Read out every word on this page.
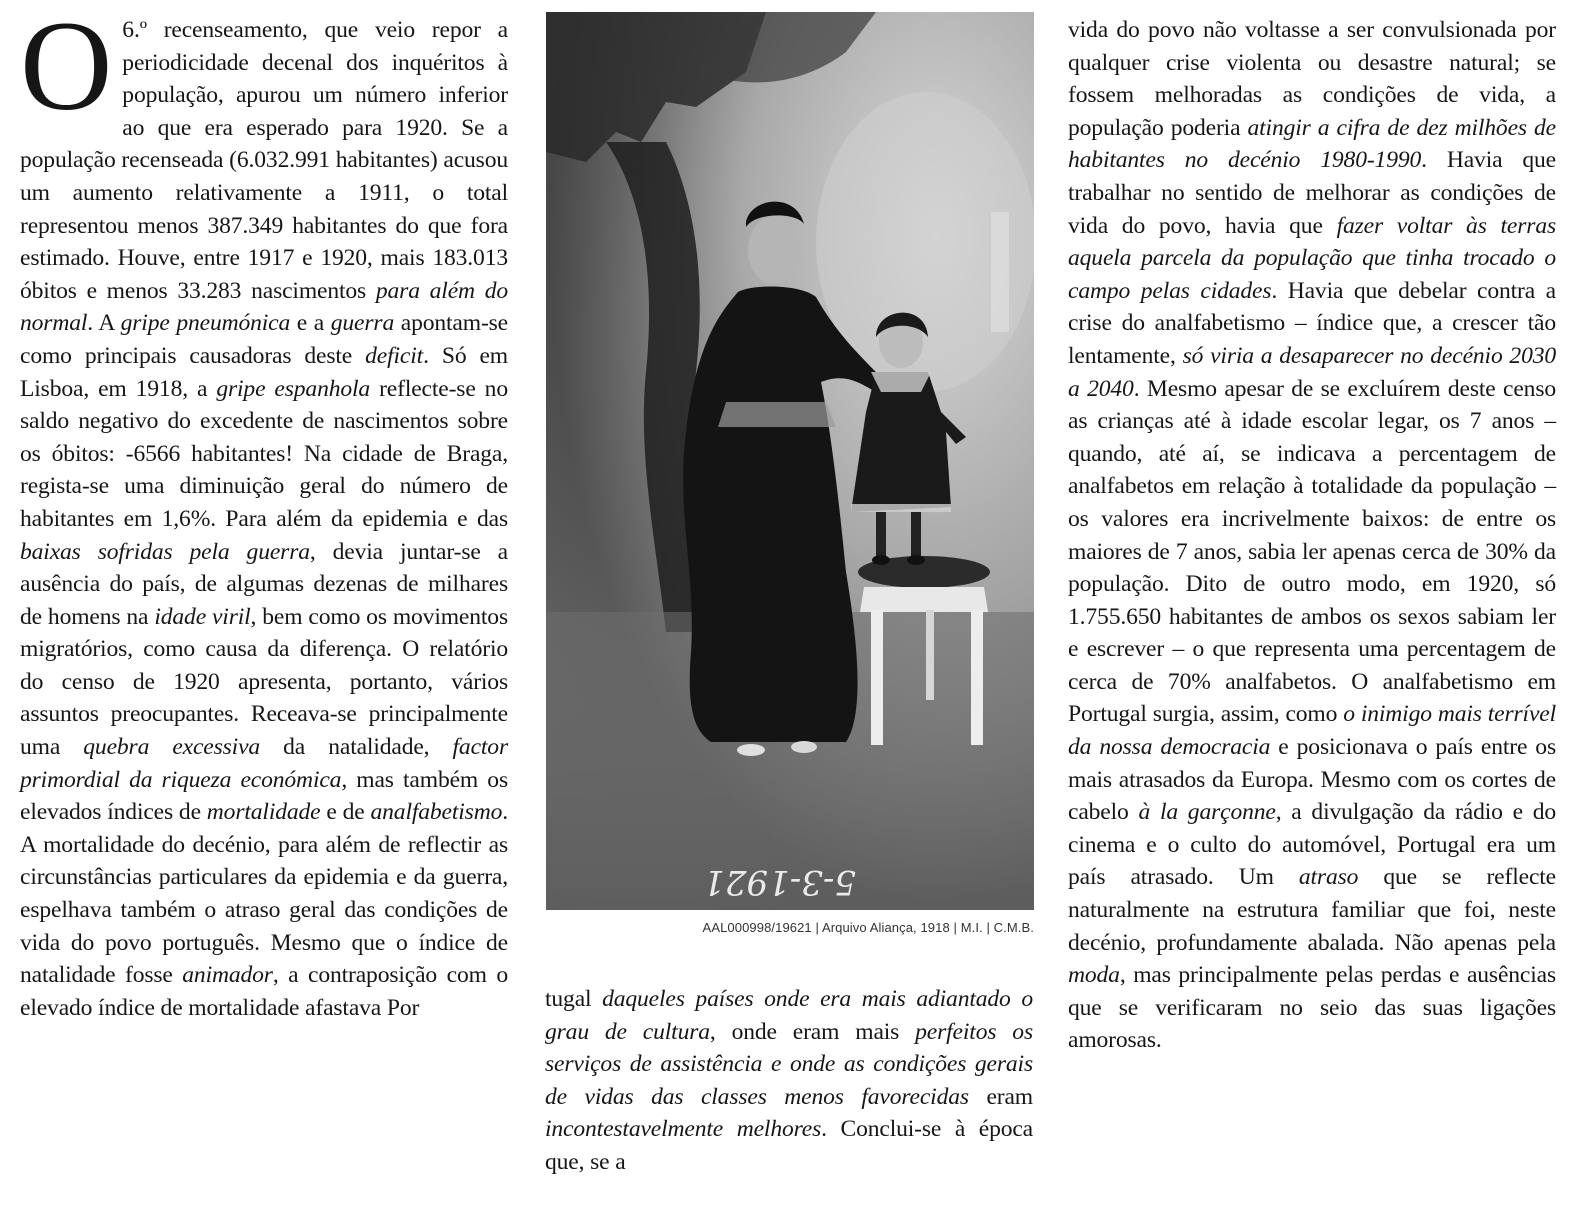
O 6.º recenseamento, que veio repor a periodicidade decenal dos inquéritos à população, apurou um número inferior ao que era esperado para 1920. Se a população recenseada (6.032.991 habitantes) acusou um aumento relativamente a 1911, o total representou menos 387.349 habitantes do que fora estimado. Houve, entre 1917 e 1920, mais 183.013 óbitos e menos 33.283 nascimentos para além do normal. A gripe pneumónica e a guerra apontam-se como principais causadoras deste deficit. Só em Lisboa, em 1918, a gripe espanhola reflecte-se no saldo negativo do excedente de nascimentos sobre os óbitos: -6566 habitantes! Na cidade de Braga, regista-se uma diminuição geral do número de habitantes em 1,6%. Para além da epidemia e das baixas sofridas pela guerra, devia juntar-se a ausência do país, de algumas dezenas de milhares de homens na idade viril, bem como os movimentos migratórios, como causa da diferença. O relatório do censo de 1920 apresenta, portanto, vários assuntos preocupantes. Receava-se principalmente uma quebra excessiva da natalidade, factor primordial da riqueza económica, mas também os elevados índices de mortalidade e de analfabetismo. A mortalidade do decénio, para além de reflectir as circunstâncias particulares da epidemia e da guerra, espelhava também o atraso geral das condições de vida do povo português. Mesmo que o índice de natalidade fosse animador, a contraposição com o elevado índice de mortalidade afastava Por

5-3-1921
AAL000998/19621 | Arquivo Aliança, 1918 | M.I. | C.M.B.

tugal daqueles países onde era mais adiantado o grau de cultura, onde eram mais perfeitos os serviços de assistência e onde as condições gerais de vidas das classes menos favorecidas eram incontestavelmente melhores. Conclui-se à época que, se a

vida do povo não voltasse a ser convulsionada por qualquer crise violenta ou desastre natural; se fossem melhoradas as condições de vida, a população poderia atingir a cifra de dez milhões de habitantes no decénio 1980-1990. Havia que trabalhar no sentido de melhorar as condições de vida do povo, havia que fazer voltar às terras aquela parcela da população que tinha trocado o campo pelas cidades. Havia que debelar contra a crise do analfabetismo – índice que, a crescer tão lentamente, só viria a desaparecer no decénio 2030 a 2040. Mesmo apesar de se excluírem deste censo as crianças até à idade escolar legar, os 7 anos – quando, até aí, se indicava a percentagem de analfabetos em relação à totalidade da população – os valores era incrivelmente baixos: de entre os maiores de 7 anos, sabia ler apenas cerca de 30% da população. Dito de outro modo, em 1920, só 1.755.650 habitantes de ambos os sexos sabiam ler e escrever – o que representa uma percentagem de cerca de 70% analfabetos. O analfabetismo em Portugal surgia, assim, como o inimigo mais terrível da nossa democracia e posicionava o país entre os mais atrasados da Europa. Mesmo com os cortes de cabelo à la garçonne, a divulgação da rádio e do cinema e o culto do automóvel, Portugal era um país atrasado. Um atraso que se reflecte naturalmente na estrutura familiar que foi, neste decénio, profundamente abalada. Não apenas pela moda, mas principalmente pelas perdas e ausências que se verificaram no seio das suas ligações amorosas.
